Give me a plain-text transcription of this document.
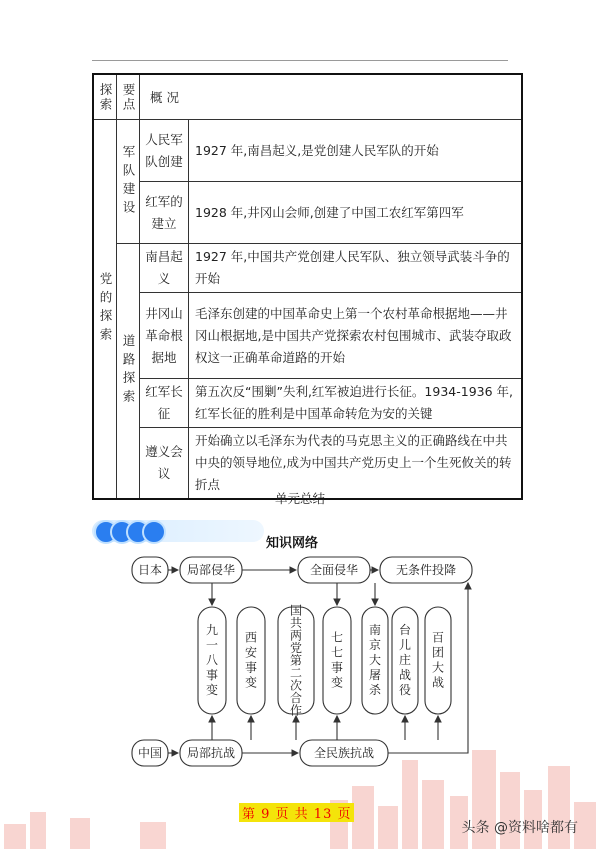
探索	要点	概 况	
党的探索	军队建设	人民军队创建	1927 年,南昌起义,是党创建人民军队的开始
		红军的建立	1928 年,井冈山会师,创建了中国工农红军第四军
	道路探索	南昌起义	1927 年,中国共产党创建人民军队、独立领导武装斗争的开始
		井冈山革命根据地	毛泽东创建的中国革命史上第一个农村革命根据地——井冈山根据地,是中国共产党探索农村包围城市、武装夺取政权这一正确革命道路的开始
		红军长征	第五次反“围剿”失利,红军被迫进行长征。1934-1936 年,红军长征的胜利是中国革命转危为安的关键
		遵义会议	开始确立以毛泽东为代表的马克思主义的正确路线在中共中央的领导地位,成为中国共产党历史上一个生死攸关的转折点
单元总结
知识网络
日本 局部侵华	全面侵华	无条件投降
中国 局部抗战	全民族抗战
九一八事变
西安事变
国共两党第二次合作
七七事变
南京大屠杀
台儿庄战役
百团大战
第 9 页 共 13 页
头条 @资料啥都有
